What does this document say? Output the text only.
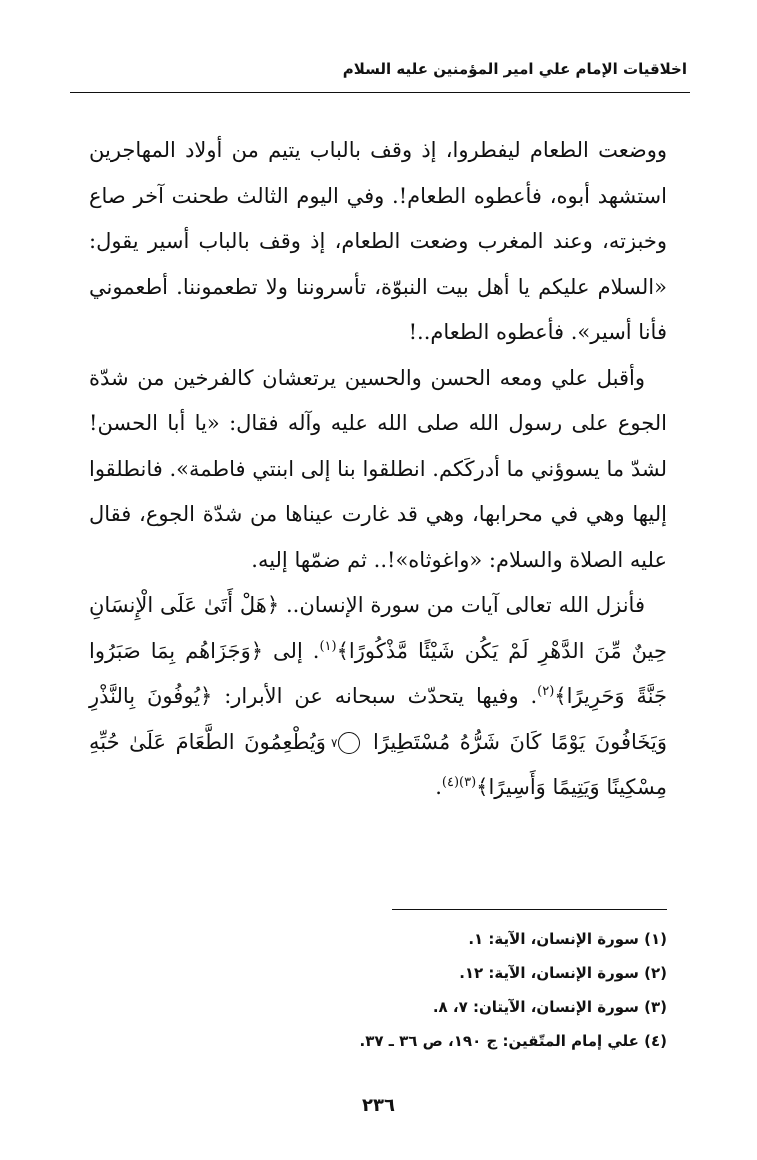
اخلاقيات الإمام علي امير المؤمنين عليه السلام

ووضعت الطعام ليفطروا، إذ وقف بالباب يتيم من أولاد المهاجرين استشهد أبوه، فأعطوه الطعام!. وفي اليوم الثالث طحنت آخر صاع وخبزته، وعند المغرب وضعت الطعام، إذ وقف بالباب أسير يقول: «السلام عليكم يا أهل بيت النبوّة، تأسروننا ولا تطعموننا. أطعموني فأنا أسير». فأعطوه الطعام..!

وأقبل علي ومعه الحسن والحسين يرتعشان كالفرخين من شدّة الجوع على رسول الله صلى الله عليه وآله فقال: «يا أبا الحسن! لشدّ ما يسوؤني ما أدركَكم. انطلقوا بنا إلى ابنتي فاطمة». فانطلقوا إليها وهي في محرابها، وهي قد غارت عيناها من شدّة الجوع، فقال عليه الصلاة والسلام: «واغوثاه»!.. ثم ضمّها إليه.

فأنزل الله تعالى آيات من سورة الإنسان.. ﴿هَلْ أَتَىٰ عَلَى الْإِنسَانِ حِينٌ مِّنَ الدَّهْرِ لَمْ يَكُن شَيْئًا مَّذْكُورًا﴾$^{(١)}$. إلى ﴿وَجَزَاهُم بِمَا صَبَرُوا جَنَّةً وَحَرِيرًا﴾$^{(٢)}$. وفيها يتحدّث سبحانه عن الأبرار: ﴿يُوفُونَ بِالنَّذْرِ وَيَخَافُونَ يَوْمًا كَانَ شَرُّهُ مُسْتَطِيرًا ٧ وَيُطْعِمُونَ الطَّعَامَ عَلَىٰ حُبِّهِ مِسْكِينًا وَيَتِيمًا وَأَسِيرًا﴾$^{(٣)(٤)}$.

(١) سورة الإنسان، الآية: ١.
(٢) سورة الإنسان، الآية: ١٢.
(٣) سورة الإنسان، الآيتان: ٧، ٨.
(٤) علي إمام المتّقين: ج ١٩٠، ص ٣٦ ـ ٣٧.
٢٣٦
